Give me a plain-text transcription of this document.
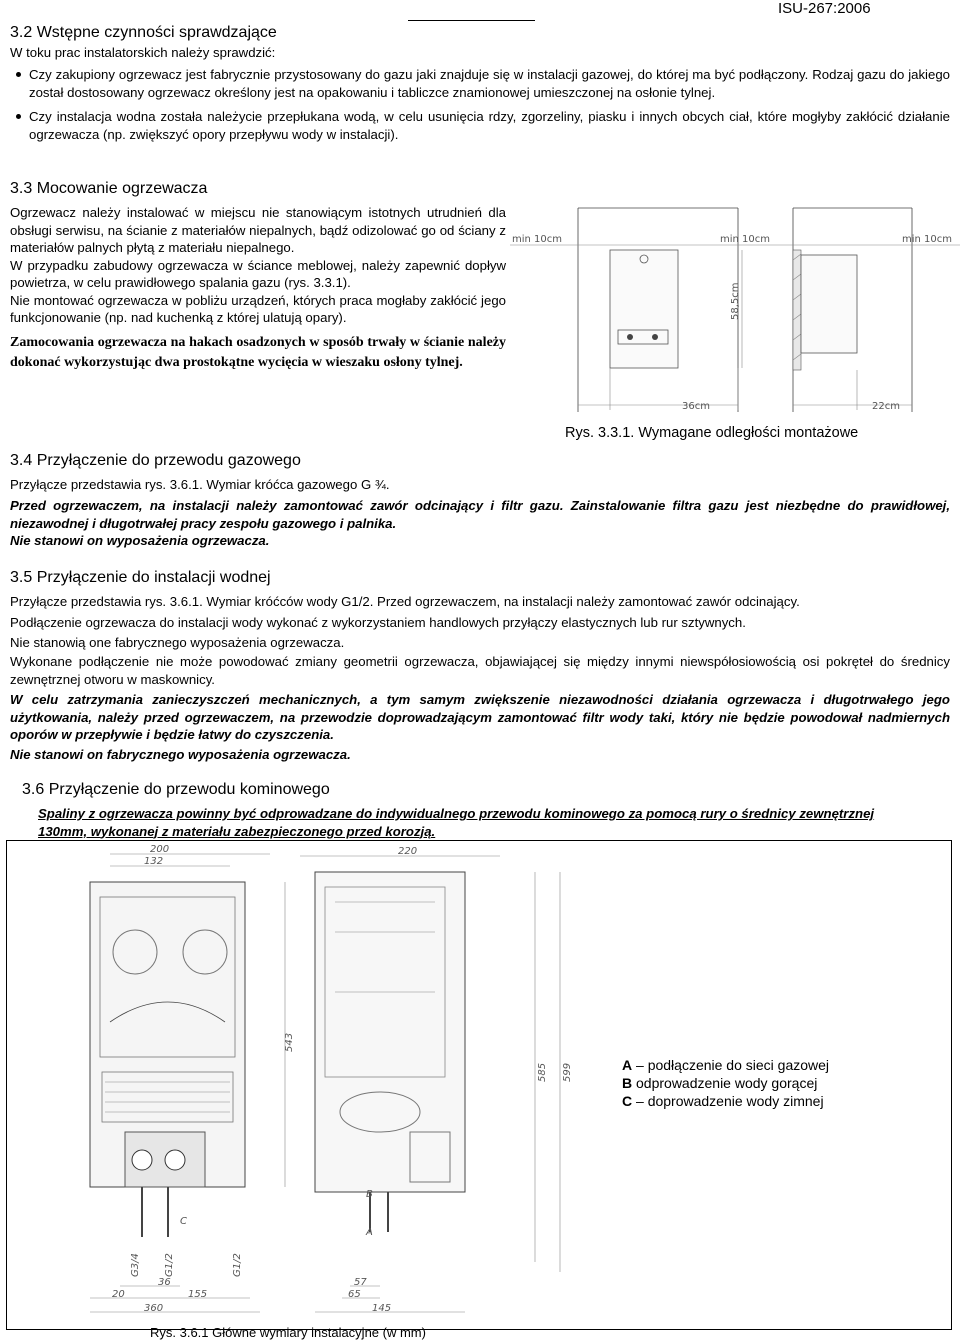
ISU-267:2006
3.2 Wstępne czynności sprawdzające
W toku prac instalatorskich należy sprawdzić:
Czy zakupiony ogrzewacz jest fabrycznie przystosowany do gazu jaki znajduje się w instalacji gazowej, do której ma być podłączony. Rodzaj gazu do jakiego został dostosowany ogrzewacz określony jest na opakowaniu i tabliczce znamionowej umieszczonej na osłonie tylnej.
Czy instalacja wodna została należycie przepłukana wodą, w celu usunięcia rdzy, zgorzeliny, piasku i innych obcych ciał, które mogłyby zakłócić działanie ogrzewacza (np. zwiększyć opory przepływu wody w instalacji).
3.3 Mocowanie ogrzewacza
Ogrzewacz należy instalować w miejscu nie stanowiącym istotnych utrudnień dla obsługi serwisu, na ścianie z materiałów niepalnych, bądź odizolować go od ściany z materiałów palnych płytą z materiału niepalnego.
W przypadku zabudowy ogrzewacza w ściance meblowej, należy zapewnić dopływ powietrza, w celu prawidłowego spalania gazu (rys. 3.3.1).
Nie montować ogrzewacza w pobliżu urządzeń, których praca mogłaby zakłócić jego funkcjonowanie (np. nad kuchenką z której ulatują opary).
Zamocowania ogrzewacza na hakach osadzonych w sposób trwały w ścianie należy dokonać wykorzystując dwa prostokątne wycięcia w wieszaku osłony tylnej.
min 10cm
36cm
min 10cm	min 10cm
58,5cm
22cm
Rys. 3.3.1. Wymagane odległości montażowe
3.4 Przyłączenie do przewodu gazowego
Przyłącze przedstawia rys. 3.6.1. Wymiar króćca gazowego G ¾.
Przed ogrzewaczem, na instalacji należy zamontować zawór odcinający i filtr gazu. Zainstalowanie filtra gazu jest niezbędne do prawidłowej, niezawodnej i długotrwałej pracy zespołu gazowego i palnika.
Nie stanowi on wyposażenia ogrzewacza.
3.5 Przyłączenie do instalacji wodnej
Przyłącze przedstawia rys. 3.6.1. Wymiar króćców wody G1/2. Przed ogrzewaczem, na instalacji należy zamontować zawór odcinający.
Podłączenie ogrzewacza do instalacji wody wykonać z wykorzystaniem handlowych przyłączy elastycznych lub rur sztywnych.
Nie stanowią one fabrycznego wyposażenia ogrzewacza.
Wykonane podłączenie nie może powodować zmiany geometrii ogrzewacza, objawiającej się między innymi niewspółosiowością osi pokręteł do średnicy zewnętrznej otworu w maskownicy.
W celu zatrzymania zanieczyszczeń mechanicznych, a tym samym zwiększenie niezawodności działania ogrzewacza i długotrwałego jego użytkowania, należy przed ogrzewaczem, na przewodzie doprowadzającym zamontować filtr wody taki, który nie będzie powodował nadmiernych oporów w przepływie i będzie łatwy do czyszczenia.
Nie stanowi on fabrycznego wyposażenia ogrzewacza.
3.6 Przyłączenie do przewodu kominowego
Spaliny z ogrzewacza powinny być odprowadzane do indywidualnego przewodu kominowego za pomocą rury o średnicy zewnętrznej 130mm, wykonanej z materiału zabezpieczonego przed korozją.
200
132
220
C
B
A
543
585 599
G3/4 G1/2	G1/2
36	57
65
20	155
360	145
A – podłączenie do sieci gazowej
B odprowadzenie wody gorącej
C – doprowadzenie wody zimnej
Rys. 3.6.1 Główne wymiary instalacyjne (w mm)
